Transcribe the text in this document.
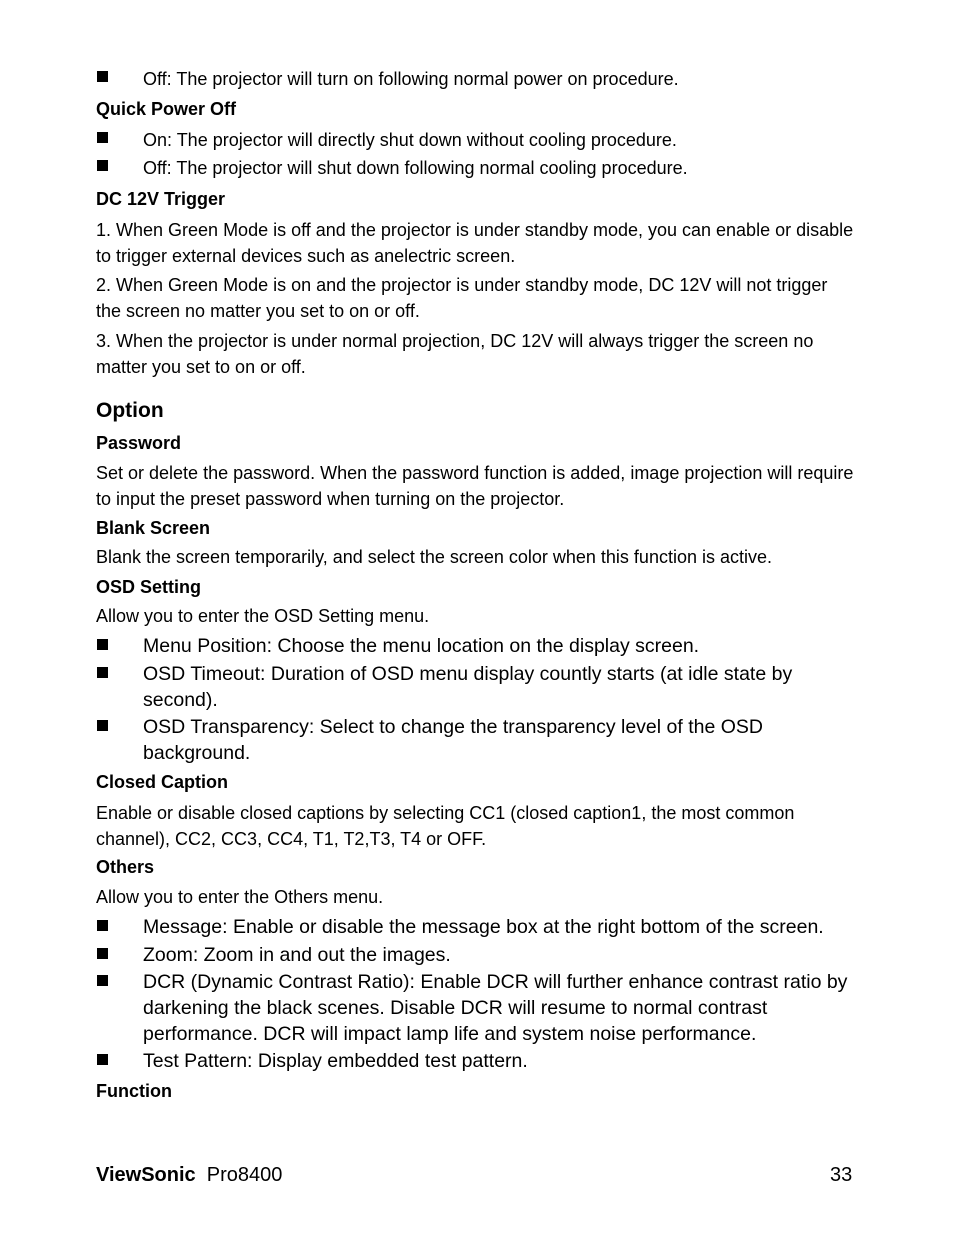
Off: The projector will turn on following normal power on procedure.
Quick Power Off
On: The projector will directly shut down without cooling procedure.
Off: The projector will shut down following normal cooling procedure.
DC 12V Trigger
1. When Green Mode is off and the projector is under standby mode, you can enable or disable to trigger external devices such as anelectric screen.
2. When Green Mode is on and the projector is under standby mode, DC 12V will not trigger the screen no matter you set to on or off.
3. When the projector is under normal projection, DC 12V will always trigger the screen no matter you set to on or off.
Option
Password
Set or delete the password. When the password function is added, image projection will require to input the preset password when turning on the projector.
Blank Screen
Blank the screen temporarily, and select the screen color when this function is active.
OSD Setting
Allow you to enter the OSD Setting menu.
Menu Position: Choose the menu location on the display screen.
OSD Timeout: Duration of OSD menu display countly starts (at idle state by second).
OSD Transparency: Select to change the transparency level of the OSD background.
Closed Caption
Enable or disable closed captions by selecting CC1 (closed caption1, the most common channel), CC2, CC3, CC4, T1, T2,T3, T4 or OFF.
Others
Allow you to enter the Others menu.
Message: Enable or disable the message box at the right bottom of the screen.
Zoom: Zoom in and out the images.
DCR (Dynamic Contrast Ratio): Enable DCR will further enhance contrast ratio by darkening the black scenes. Disable DCR will resume to normal contrast performance. DCR will impact lamp life and system noise performance.
Test Pattern: Display embedded test pattern.
Function
ViewSonic Pro8400	33
